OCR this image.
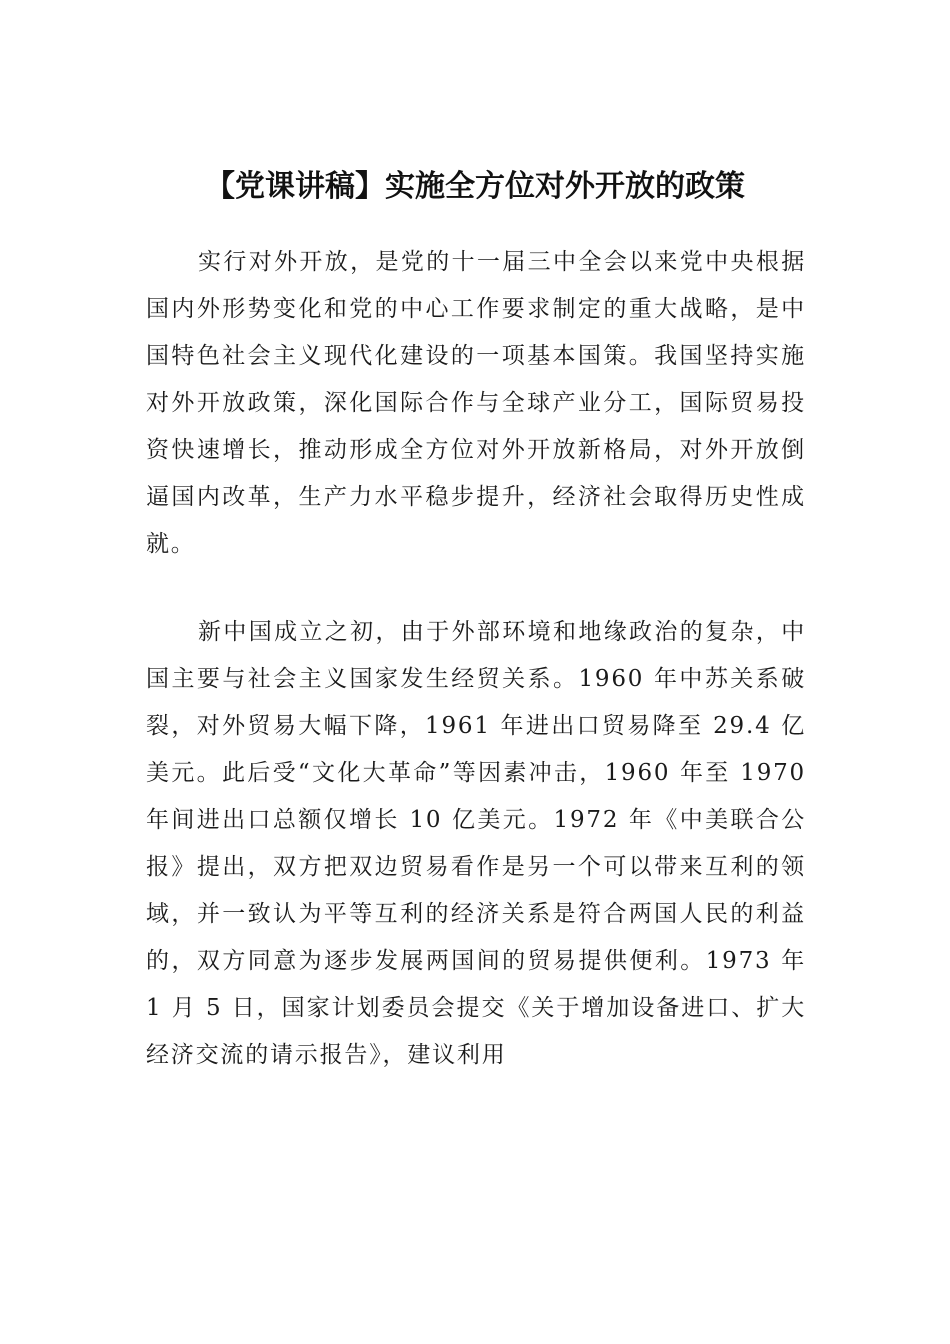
【党课讲稿】实施全方位对外开放的政策

实行对外开放，是党的十一届三中全会以来党中央根据国内外形势变化和党的中心工作要求制定的重大战略，是中国特色社会主义现代化建设的一项基本国策。我国坚持实施对外开放政策，深化国际合作与全球产业分工，国际贸易投资快速增长，推动形成全方位对外开放新格局，对外开放倒逼国内改革，生产力水平稳步提升，经济社会取得历史性成就。

新中国成立之初，由于外部环境和地缘政治的复杂，中国主要与社会主义国家发生经贸关系。1960 年中苏关系破裂，对外贸易大幅下降，1961 年进出口贸易降至 29.4 亿美元。此后受“文化大革命”等因素冲击，1960 年至 1970 年间进出口总额仅增长 10 亿美元。1972 年《中美联合公报》提出，双方把双边贸易看作是另一个可以带来互利的领域，并一致认为平等互利的经济关系是符合两国人民的利益的，双方同意为逐步发展两国间的贸易提供便利。1973 年 1 月 5 日，国家计划委员会提交《关于增加设备进口、扩大经济交流的请示报告》，建议利用
